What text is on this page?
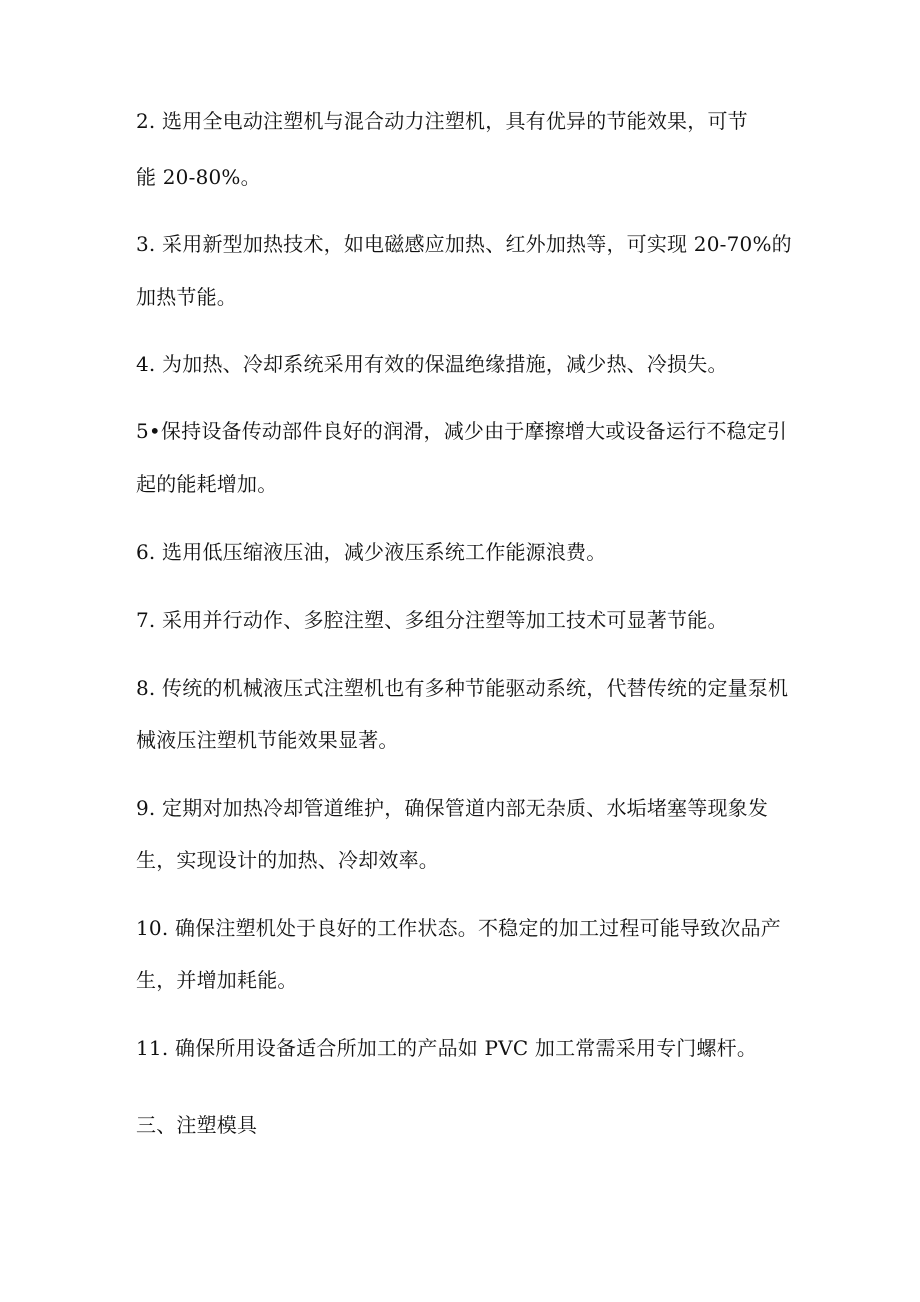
2. 选用全电动注塑机与混合动力注塑机，具有优异的节能效果，可节
能 20-80%。
3. 采用新型加热技术，如电磁感应加热、红外加热等，可实现 20-70%的
加热节能。
4. 为加热、冷却系统采用有效的保温绝缘措施，减少热、冷损失。
5•保持设备传动部件良好的润滑，减少由于摩擦增大或设备运行不稳定引
起的能耗增加。
6. 选用低压缩液压油，减少液压系统工作能源浪费。
7. 采用并行动作、多腔注塑、多组分注塑等加工技术可显著节能。
8. 传统的机械液压式注塑机也有多种节能驱动系统，代替传统的定量泵机
械液压注塑机节能效果显著。
9. 定期对加热冷却管道维护，确保管道内部无杂质、水垢堵塞等现象发
生，实现设计的加热、冷却效率。
10. 确保注塑机处于良好的工作状态。不稳定的加工过程可能导致次品产
生，并增加耗能。
11. 确保所用设备适合所加工的产品如 PVC 加工常需采用专门螺杆。
三、注塑模具
